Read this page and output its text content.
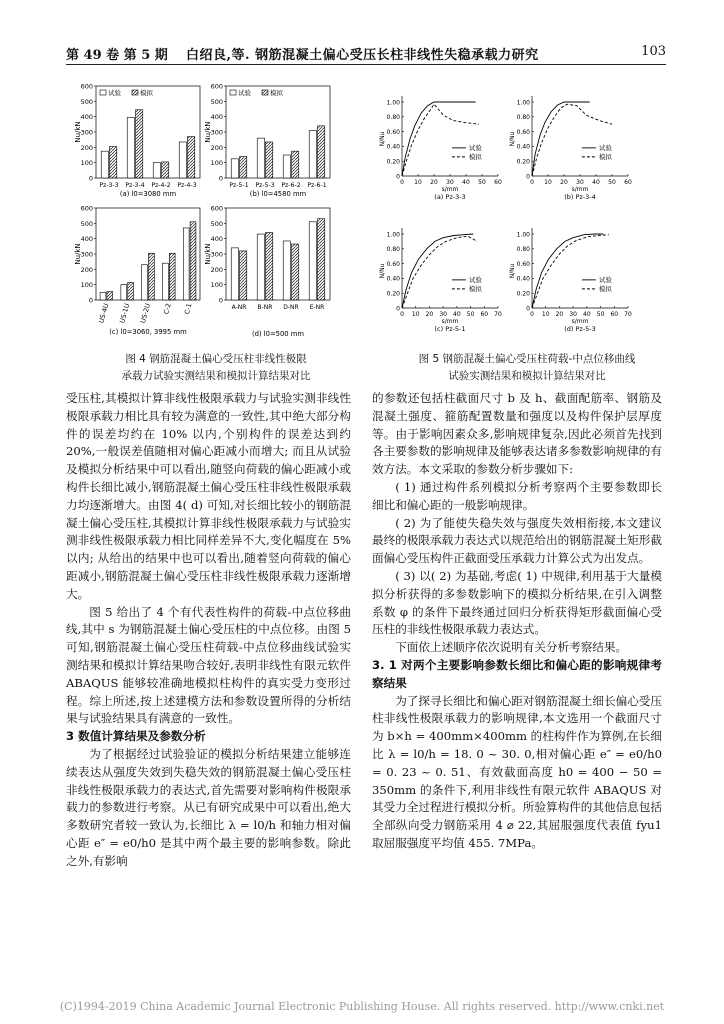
第 49 卷 第 5 期 白绍良,等. 钢筋混凝土偏心受压长柱非线性失稳承载力研究	103
0
100
200
300
400
500
600
Nu/kN
Pz-3-3 Pz-3-4 Pz-4-2 Pz-4-3
试验	模拟
(a) l0=3080 mm
0
100
200
300
400
500
600
Nu/kN
Pz-5-1 Pz-5-3 Pz-6-2 Pz-6-1
试验	模拟
(b) l0=4580 mm
0
100
200
300
400
500
600
Nu/kN
US-4U US-1U US-2U C-2 C-1
(c) l0=3060, 3995 mm
0
100
200
300
400
500
600
Nu/kN
A-NR B-NR D-NR E-NR
(d) l0=500 mm
0
0.20
0.40
0.60
0.80
1.00
0 10 20 30 40 50 60
s/mm
N/Nu
试验
模拟
(a) Pz-3-3
0
0.20
0.40
0.60
0.80
1.00
0 10 20 30 40 50 60
s/mm
N/Nu
试验
模拟
(b) Pz-3-4
0
0.20
0.40
0.60
0.80
1.00
0 10 20 30 40 50 60 70
s/mm
N/Nu
试验
模拟
(c) Pz-5-1
0
0.20
0.40
0.60
0.80
1.00
0 10 20 30 40 50 60 70
s/mm
N/Nu
试验
模拟
(d) Pz-5-3
图 4 钢筋混凝土偏心受压柱非线性极限
承载力试验实测结果和模拟计算结果对比
图 5 钢筋混凝土偏心受压柱荷载-中点位移曲线
试验实测结果和模拟计算结果对比

受压柱,其模拟计算非线性极限承载力与试验实测非线性极限承载力相比具有较为满意的一致性,其中绝大部分构件的误差均约在 10% 以内,个别构件的误差达到约 20%,一般误差值随相对偏心距减小而增大; 而且从试验及模拟分析结果中可以看出,随竖向荷载的偏心距减小或构件长细比减小,钢筋混凝土偏心受压柱非线性极限承载力均逐渐增大。由图 4( d) 可知,对长细比较小的钢筋混凝土偏心受压柱,其模拟计算非线性极限承载力与试验实测非线性极限承载力相比同样差异不大,变化幅度在 5% 以内; 从给出的结果中也可以看出,随着竖向荷载的偏心距减小,钢筋混凝土偏心受压柱非线性极限承载力逐渐增大。

图 5 给出了 4 个有代表性构件的荷载-中点位移曲线,其中 s 为钢筋混凝土偏心受压柱的中点位移。由图 5 可知,钢筋混凝土偏心受压柱荷载-中点位移曲线试验实测结果和模拟计算结果吻合较好,表明非线性有限元软件 ABAQUS 能够较准确地模拟柱构件的真实受力变形过程。综上所述,按上述建模方法和参数设置所得的分析结果与试验结果具有满意的一致性。

3 数值计算结果及参数分析

为了根据经过试验验证的模拟分析结果建立能够连续表达从强度失效到失稳失效的钢筋混凝土偏心受压柱非线性极限承载力的表达式,首先需要对影响构件极限承载力的参数进行考察。从已有研究成果中可以看出,绝大多数研究者较一致认为,长细比 λ = l0/h 和轴力相对偏心距 e″ = e0/h0 是其中两个最主要的影响参数。除此之外,有影响

的参数还包括柱截面尺寸 b 及 h、截面配筋率、钢筋及混凝土强度、箍筋配置数量和强度以及构件保护层厚度等。由于影响因素众多,影响规律复杂,因此必须首先找到各主要参数的影响规律及能够表达诸多参数影响规律的有效方法。本文采取的参数分析步骤如下:

( 1) 通过构件系列模拟分析考察两个主要参数即长细比和偏心距的一般影响规律。

( 2) 为了能使失稳失效与强度失效相衔接,本文建议最终的极限承载力表达式以规范给出的钢筋混凝土矩形截面偏心受压构件正截面受压承载力计算公式为出发点。

( 3) 以( 2) 为基础,考虑( 1) 中规律,利用基于大量模拟分析获得的多参数影响下的模拟分析结果,在引入调整系数 φ 的条件下最终通过回归分析获得矩形截面偏心受压柱的非线性极限承载力表达式。

下面依上述顺序依次说明有关分析考察结果。

3. 1 对两个主要影响参数长细比和偏心距的影响规律考察结果

为了探寻长细比和偏心距对钢筋混凝土细长偏心受压柱非线性极限承载力的影响规律,本文选用一个截面尺寸为 b×h = 400mm×400mm 的柱构件作为算例,在长细比 λ = l0/h = 18. 0 ~ 30. 0,相对偏心距 e″ = e0/h0 = 0. 23 ~ 0. 51、有效截面高度 h0 = 400 − 50 = 350mm 的条件下,利用非线性有限元软件 ABAQUS 对其受力全过程进行模拟分析。所验算构件的其他信息包括全部纵向受力钢筋采用 4 ⌀ 22,其屈服强度代表值 fyu1取屈服强度平均值 455. 7MPa。

(C)1994-2019 China Academic Journal Electronic Publishing House. All rights reserved. http://www.cnki.net
